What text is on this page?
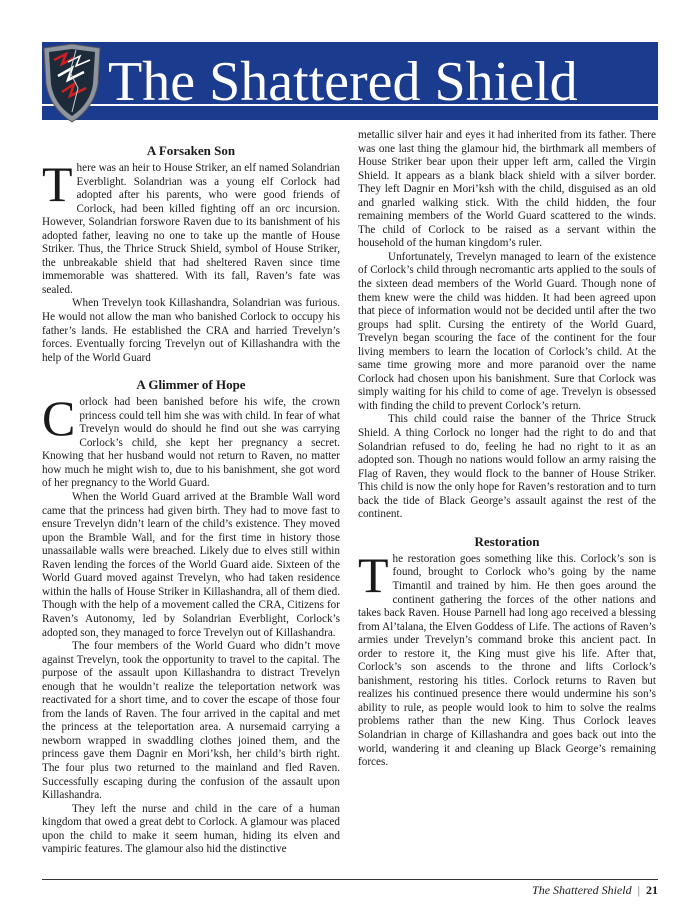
The Shattered Shield
A Forsaken Son

There was an heir to House Striker, an elf named Solandrian Everblight. Solandrian was a young elf Corlock had adopted after his parents, who were good friends of Corlock, had been killed fighting off an orc incursion. However, Solandrian forswore Raven due to its banishment of his adopted father, leaving no one to take up the mantle of House Striker. Thus, the Thrice Struck Shield, symbol of House Striker, the unbreakable shield that had sheltered Raven since time immemorable was shattered. With its fall, Raven’s fate was sealed.

When Trevelyn took Killashandra, Solandrian was furious. He would not allow the man who banished Corlock to occupy his father’s lands. He established the CRA and harried Trevelyn’s forces. Eventually forcing Trevelyn out of Killashandra with the help of the World Guard

A Glimmer of Hope

Corlock had been banished before his wife, the crown princess could tell him she was with child. In fear of what Trevelyn would do should he find out she was carrying Corlock’s child, she kept her pregnancy a secret. Knowing that her husband would not return to Raven, no matter how much he might wish to, due to his banishment, she got word of her pregnancy to the World Guard.

When the World Guard arrived at the Bramble Wall word came that the princess had given birth. They had to move fast to ensure Trevelyn didn’t learn of the child’s existence. They moved upon the Bramble Wall, and for the first time in history those unassailable walls were breached. Likely due to elves still within Raven lending the forces of the World Guard aide. Sixteen of the World Guard moved against Trevelyn, who had taken residence within the halls of House Striker in Killashandra, all of them died. Though with the help of a movement called the CRA, Citizens for Raven’s Autonomy, led by Solandrian Everblight, Corlock’s adopted son, they managed to force Trevelyn out of Killashandra.

The four members of the World Guard who didn’t move against Trevelyn, took the opportunity to travel to the capital. The purpose of the assault upon Killashandra to distract Trevelyn enough that he wouldn’t realize the teleportation network was reactivated for a short time, and to cover the escape of those four from the lands of Raven. The four arrived in the capital and met the princess at the teleportation area. A nursemaid carrying a newborn wrapped in swaddling clothes joined them, and the princess gave them Dagnir en Mori’ksh, her child’s birth right. The four plus two returned to the mainland and fled Raven. Successfully escaping during the confusion of the assault upon Killashandra.

They left the nurse and child in the care of a human kingdom that owed a great debt to Corlock. A glamour was placed upon the child to make it seem human, hiding its elven and vampiric features. The glamour also hid the distinctive

metallic silver hair and eyes it had inherited from its father. There was one last thing the glamour hid, the birthmark all members of House Striker bear upon their upper left arm, called the Virgin Shield. It appears as a blank black shield with a silver border. They left Dagnir en Mori’ksh with the child, disguised as an old and gnarled walking stick. With the child hidden, the four remaining members of the World Guard scattered to the winds. The child of Corlock to be raised as a servant within the household of the human kingdom’s ruler.

Unfortunately, Trevelyn managed to learn of the existence of Corlock’s child through necromantic arts applied to the souls of the sixteen dead members of the World Guard. Though none of them knew were the child was hidden. It had been agreed upon that piece of information would not be decided until after the two groups had split. Cursing the entirety of the World Guard, Trevelyn began scouring the face of the continent for the four living members to learn the location of Corlock’s child. At the same time growing more and more paranoid over the name Corlock had chosen upon his banishment. Sure that Corlock was simply waiting for his child to come of age. Trevelyn is obsessed with finding the child to prevent Corlock’s return.

This child could raise the banner of the Thrice Struck Shield. A thing Corlock no longer had the right to do and that Solandrian refused to do, feeling he had no right to it as an adopted son. Though no nations would follow an army raising the Flag of Raven, they would flock to the banner of House Striker. This child is now the only hope for Raven’s restoration and to turn back the tide of Black George’s assault against the rest of the continent.

Restoration

The restoration goes something like this. Corlock’s son is found, brought to Corlock who’s going by the name Timantil and trained by him. He then goes around the continent gathering the forces of the other nations and takes back Raven. House Parnell had long ago received a blessing from Al’talana, the Elven Goddess of Life. The actions of Raven’s armies under Trevelyn’s command broke this ancient pact. In order to restore it, the King must give his life. After that, Corlock’s son ascends to the throne and lifts Corlock’s banishment, restoring his titles. Corlock returns to Raven but realizes his continued presence there would undermine his son’s ability to rule, as people would look to him to solve the realms problems rather than the new King. Thus Corlock leaves Solandrian in charge of Killashandra and goes back out into the world, wandering it and cleaning up Black George’s remaining forces.

The Shattered Shield | 21
